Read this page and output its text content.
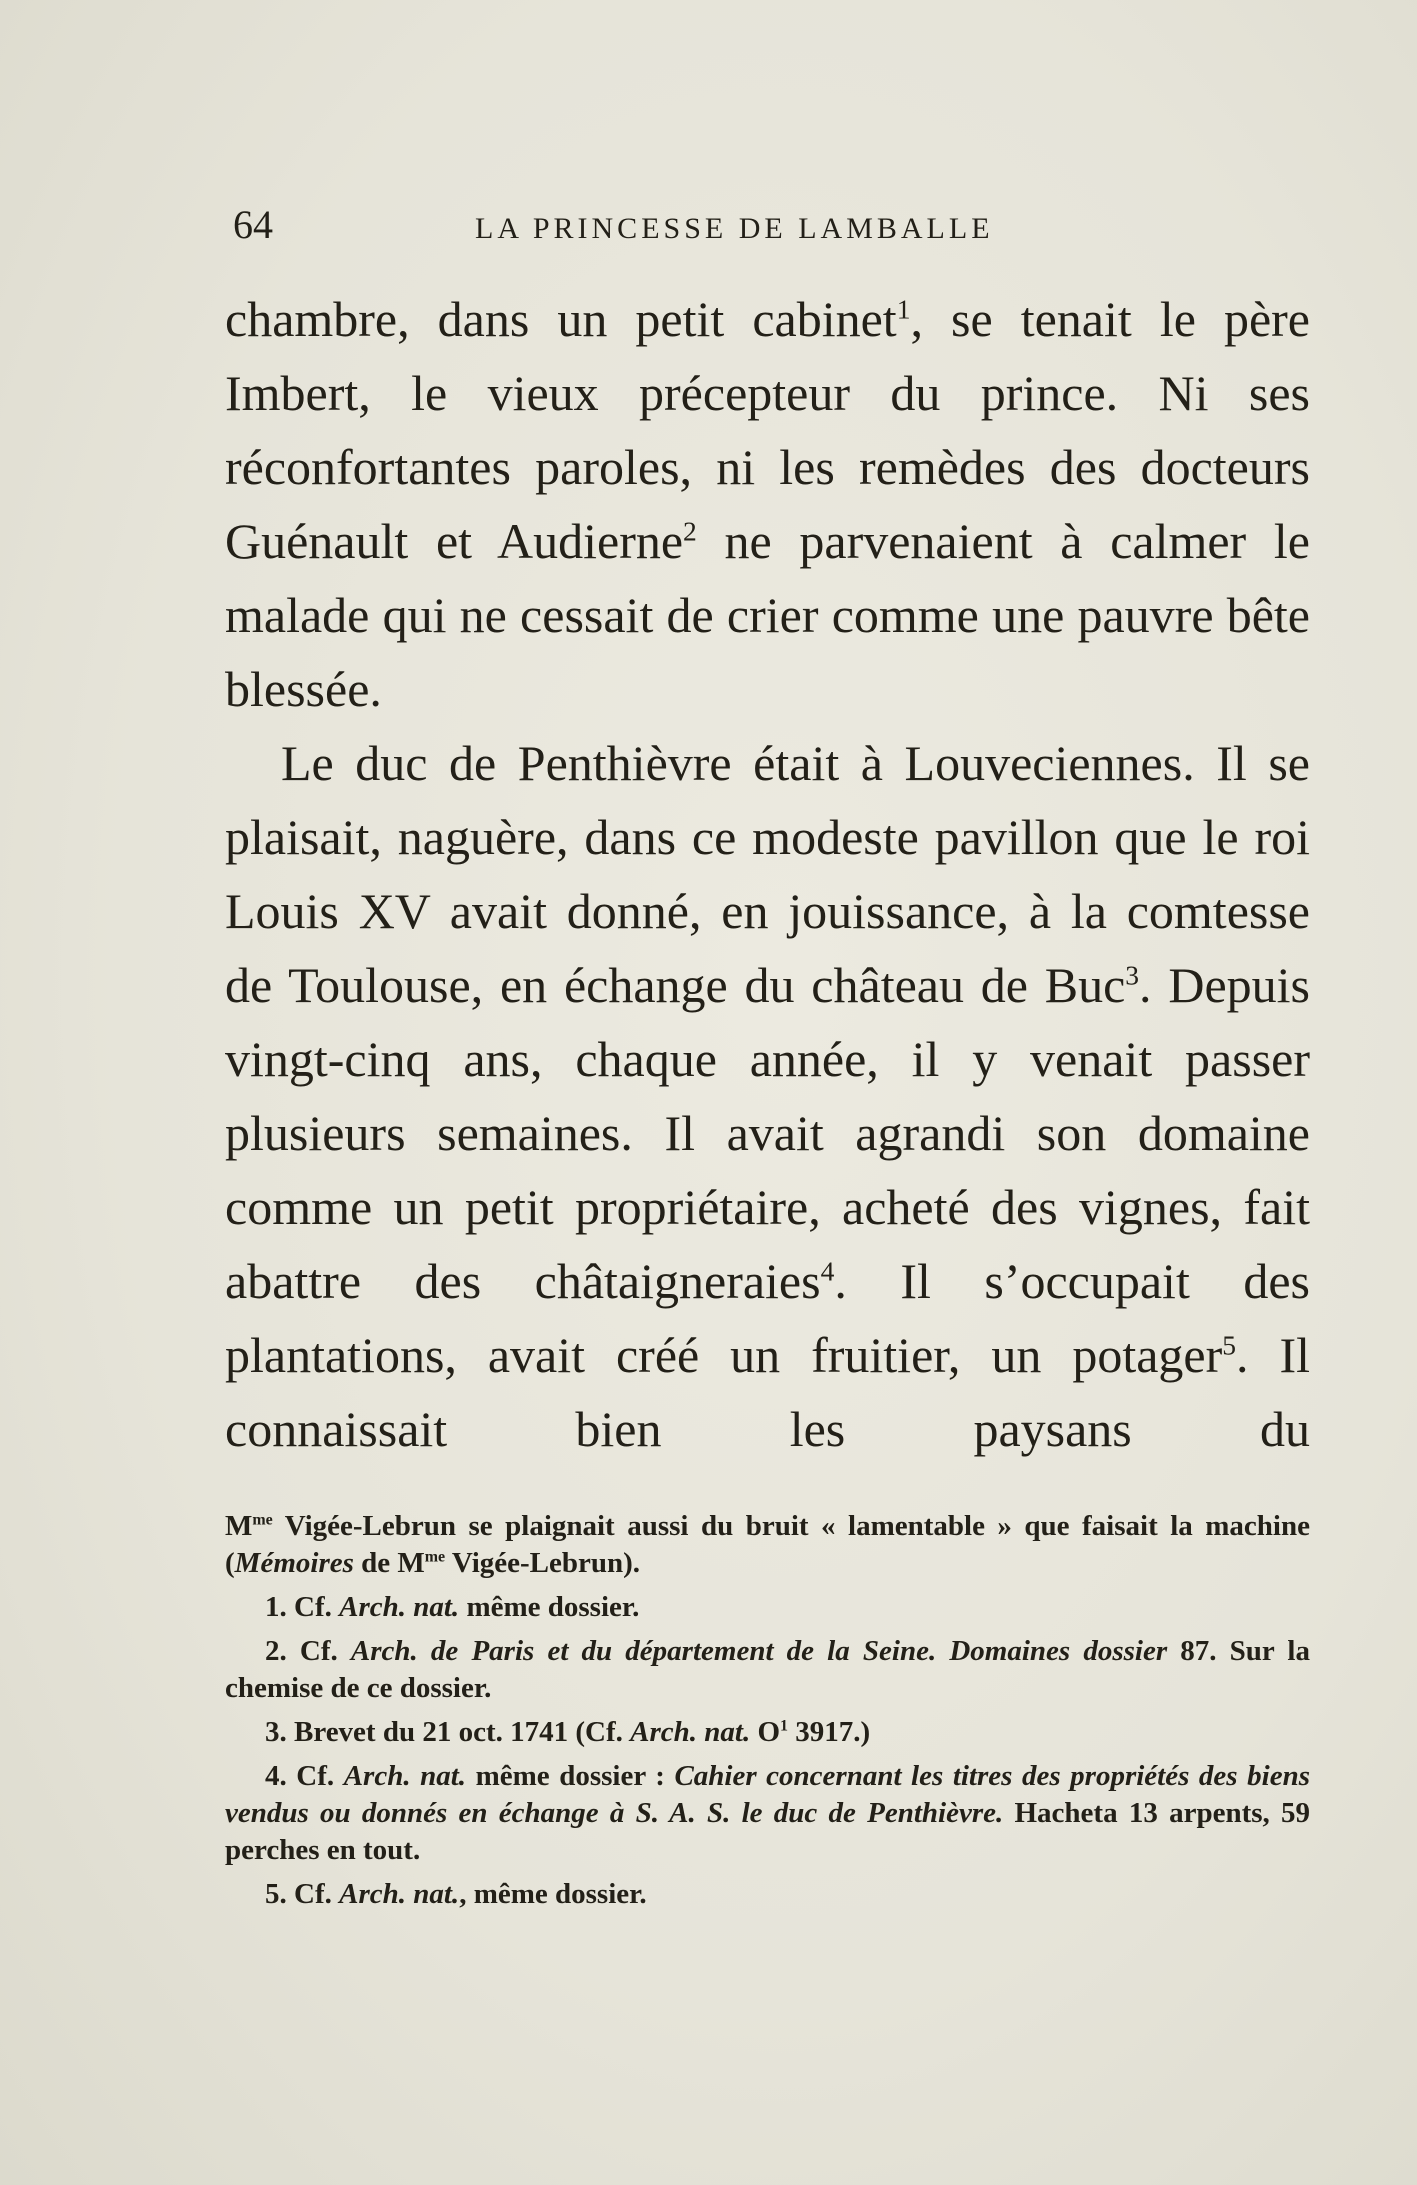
64	LA PRINCESSE DE LAMBALLE

chambre, dans un petit cabinet$^1$, se tenait le père Imbert, le vieux précepteur du prince. Ni ses réconfortantes paroles, ni les remèdes des docteurs Guénault et Audierne$^2$ ne parvenaient à calmer le malade qui ne cessait de crier comme une pauvre bête blessée.

Le duc de Penthièvre était à Louveciennes. Il se plaisait, naguère, dans ce modeste pavillon que le roi Louis XV avait donné, en jouissance, à la comtesse de Toulouse, en échange du château de Buc$^3$. Depuis vingt-cinq ans, chaque année, il y venait passer plusieurs semaines. Il avait agrandi son domaine comme un petit propriétaire, acheté des vignes, fait abattre des châtaigneraies$^4$. Il s’occupait des plantations, avait créé un fruitier, un potager$^5$. Il connaissait bien les paysans du

$M^{me}$ Vigée-Lebrun se plaignait aussi du bruit « lamentable » que faisait la machine (Mémoires de $M^{me}$ Vigée-Lebrun).

1. Cf. Arch. nat. même dossier.

2. Cf. Arch. de Paris et du département de la Seine. Domaines dossier 87. Sur la chemise de ce dossier.

3. Brevet du 21 oct. 1741 (Cf. Arch. nat. $O^1$ 3917.)

4. Cf. Arch. nat. même dossier : Cahier concernant les titres des propriétés des biens vendus ou donnés en échange à S. A. S. le duc de Penthièvre. Hacheta 13 arpents, 59 perches en tout.

5. Cf. Arch. nat., même dossier.
